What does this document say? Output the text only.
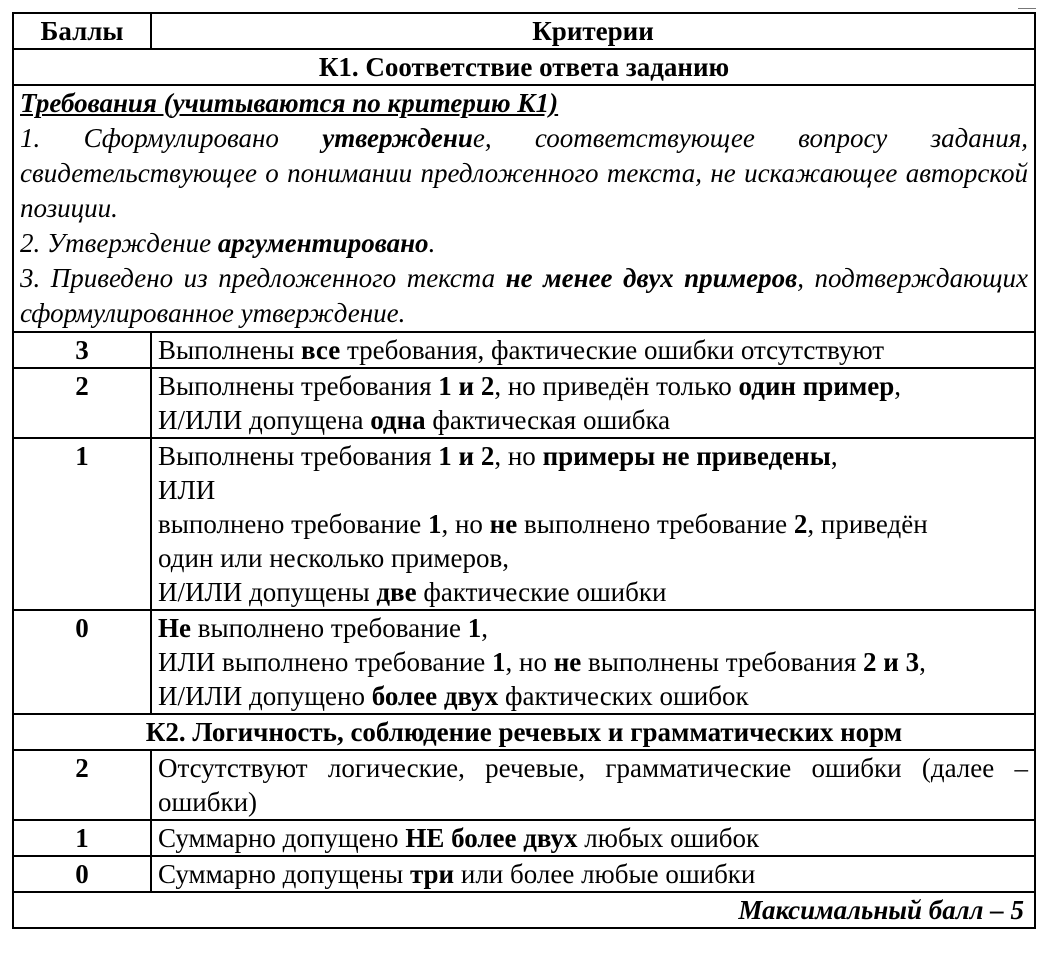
Баллы	Критерии
К1. Соответствие ответа заданию	

Требования (учитываются по критерию К1)
1. Сформулировано утверждение, соответствующее вопросу задания, свидетельствующее о понимании предложенного текста, не искажающее авторской позиции.
2. Утверждение аргументировано.
3. Приведено из предложенного текста не менее двух примеров, подтверждающих сформулированное утверждение.	

3	Выполнены все требования, фактические ошибки отсутствуют

2	Выполнены требования 1 и 2, но приведён только один пример,
И/ИЛИ допущена одна фактическая ошибка

1	Выполнены требования 1 и 2, но примеры не приведены,
ИЛИ
выполнено требование 1, но не выполнено требование 2, приведён
один или несколько примеров,
И/ИЛИ допущены две фактические ошибки

0	Не выполнено требование 1,
ИЛИ выполнено требование 1, но не выполнены требования 2 и 3,
И/ИЛИ допущено более двух фактических ошибок

К2. Логичность, соблюдение речевых и грамматических норм	
2	Отсутствуют логические, речевые, грамматические ошибки (далее – ошибки)

1	Суммарно допущено НЕ более двух любых ошибок

0	Суммарно допущены три или более любые ошибки

Максимальный балл – 5	
